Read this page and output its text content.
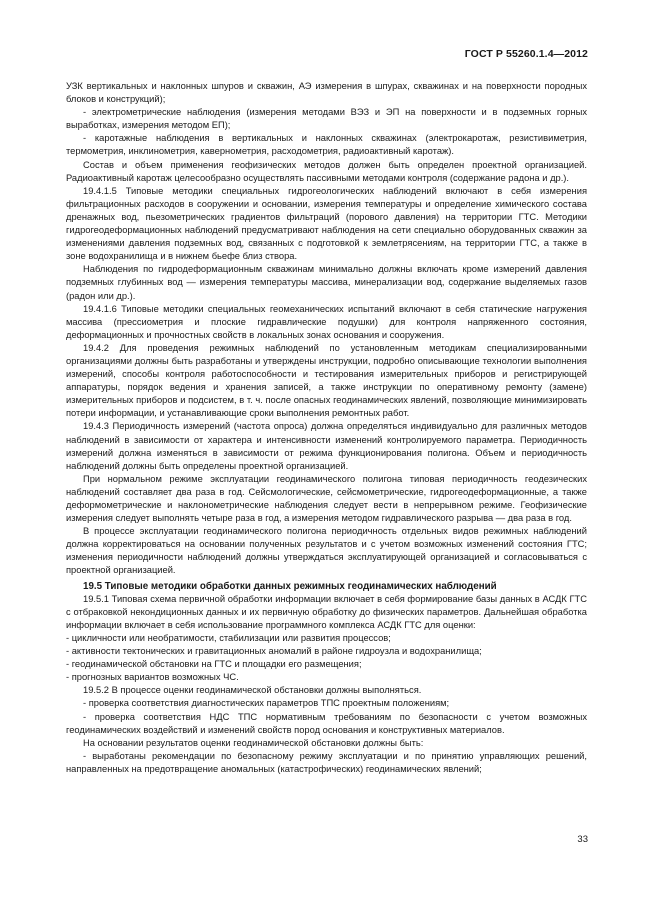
ГОСТ Р 55260.1.4—2012

УЗК вертикальных и наклонных шпуров и скважин, АЭ измерения в шпурах, скважинах и на поверхности породных блоков и конструкций);

- электрометрические наблюдения (измерения методами ВЭЗ и ЭП на поверхности и в подземных горных выработках, измерения методом ЕП);

- каротажные наблюдения в вертикальных и наклонных скважинах (электрокаротаж, резистивиметрия, термометрия, инклинометрия, кавернометрия, расходометрия, радиоактивный каротаж).

Состав и объем применения геофизических методов должен быть определен проектной организацией. Радиоактивный каротаж целесообразно осуществлять пассивными методами контроля (содержание радона и др.).

19.4.1.5 Типовые методики специальных гидрогеологических наблюдений включают в себя измерения фильтрационных расходов в сооружении и основании, измерения температуры и определение химического состава дренажных вод, пьезометрических градиентов фильтраций (порового давления) на территории ГТС. Методики гидрогеодеформационных наблюдений предусматривают наблюдения на сети специально оборудованных скважин за изменениями давления подземных вод, связанных с подготовкой к землетрясениям, на территории ГТС, а также в зоне водохранилища и в нижнем бьефе близ створа.

Наблюдения по гидродеформационным скважинам минимально должны включать кроме измерений давления подземных глубинных вод — измерения температуры массива, минерализации вод, содержание выделяемых газов (радон или др.).

19.4.1.6 Типовые методики специальных геомеханических испытаний включают в себя статические нагружения массива (прессиометрия и плоские гидравлические подушки) для контроля напряженного состояния, деформационных и прочностных свойств в локальных зонах основания и сооружения.

19.4.2 Для проведения режимных наблюдений по установленным методикам специализированными организациями должны быть разработаны и утверждены инструкции, подробно описывающие технологии выполнения измерений, способы контроля работоспособности и тестирования измерительных приборов и регистрирующей аппаратуры, порядок ведения и хранения записей, а также инструкции по оперативному ремонту (замене) измерительных приборов и подсистем, в т. ч. после опасных геодинамических явлений, позволяющие минимизировать потери информации, и устанавливающие сроки выполнения ремонтных работ.

19.4.3 Периодичность измерений (частота опроса) должна определяться индивидуально для различных методов наблюдений в зависимости от характера и интенсивности изменений контролируемого параметра. Периодичность измерений должна изменяться в зависимости от режима функционирования полигона. Объем и периодичность наблюдений должны быть определены проектной организацией.

При нормальном режиме эксплуатации геодинамического полигона типовая периодичность геодезических наблюдений составляет два раза в год. Сейсмологические, сейсмометрические, гидрогеодеформационные, а также деформометрические и наклонометрические наблюдения следует вести в непрерывном режиме. Геофизические измерения следует выполнять четыре раза в год, а измерения методом гидравлического разрыва — два раза в год.

В процессе эксплуатации геодинамического полигона периодичность отдельных видов режимных наблюдений должна корректироваться на основании полученных результатов и с учетом возможных изменений состояния ГТС; изменения периодичности наблюдений должны утверждаться эксплуатирующей организацией и согласовываться с проектной организацией.

19.5 Типовые методики обработки данных режимных геодинамических наблюдений

19.5.1 Типовая схема первичной обработки информации включает в себя формирование базы данных в АСДК ГТС с отбраковкой некондиционных данных и их первичную обработку до физических параметров. Дальнейшая обработка информации включает в себя использование программного комплекса АСДК ГТС для оценки:

- цикличности или необратимости, стабилизации или развития процессов;

- активности тектонических и гравитационных аномалий в районе гидроузла и водохранилища;

- геодинамической обстановки на ГТС и площадки его размещения;

- прогнозных вариантов возможных ЧС.

19.5.2 В процессе оценки геодинамической обстановки должны выполняться.

- проверка соответствия диагностических параметров ТПС проектным положениям;

- проверка соответствия НДС ТПС нормативным требованиям по безопасности с учетом возможных геодинамических воздействий и изменений свойств пород основания и конструктивных материалов.

На основании результатов оценки геодинамической обстановки должны быть:

- выработаны рекомендации по безопасному режиму эксплуатации и по принятию управляющих решений, направленных на предотвращение аномальных (катастрофических) геодинамических явлений;

33
